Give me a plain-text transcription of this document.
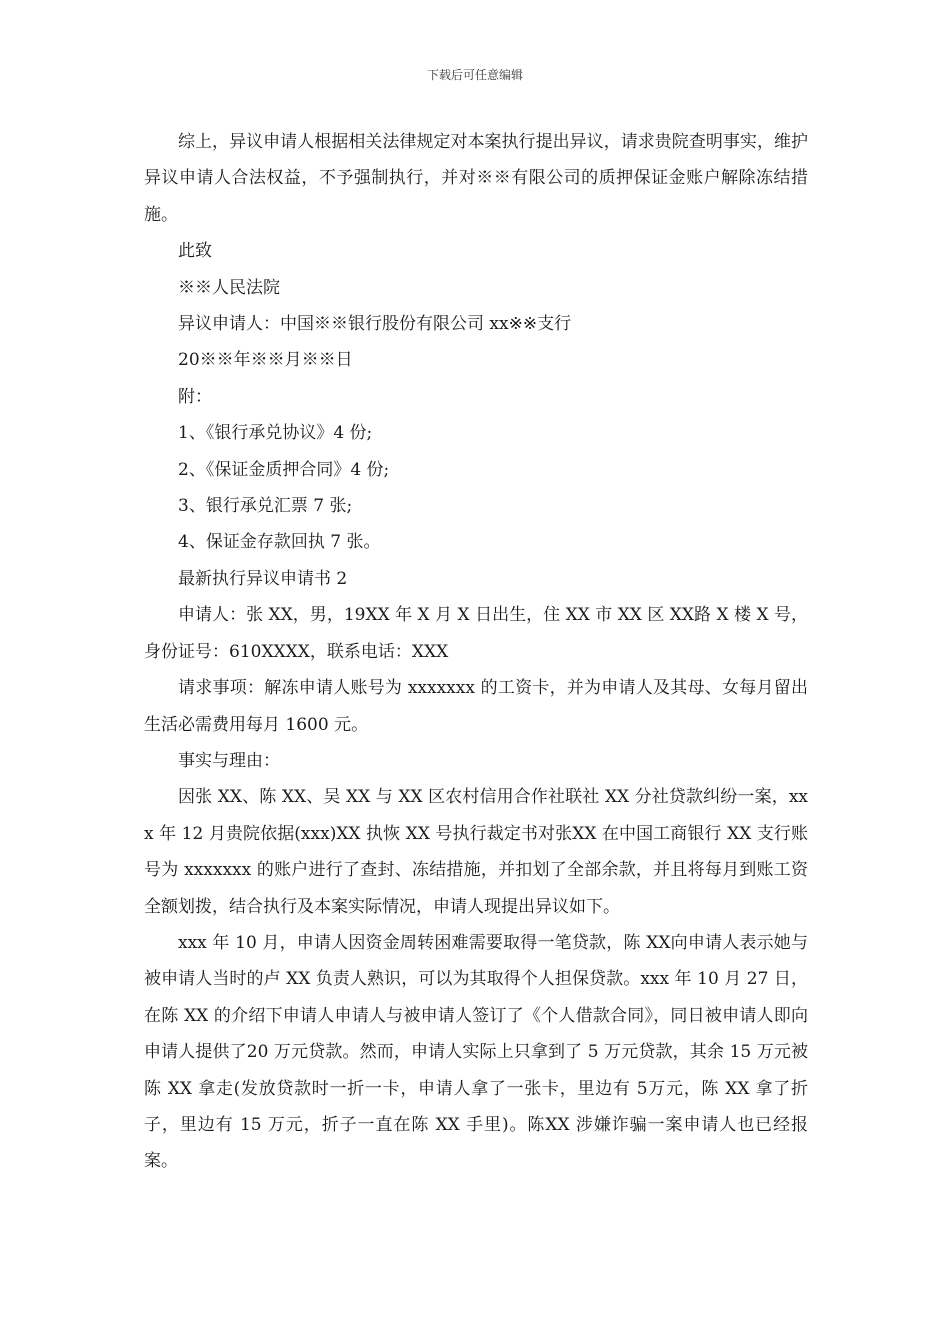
下载后可任意编辑

综上，异议申请人根据相关法律规定对本案执行提出异议，请求贵院查明事实，维护异议申请人合法权益，不予强制执行，并对※※有限公司的质押保证金账户解除冻结措施。

此致

※※人民法院

异议申请人：中国※※银行股份有限公司 xx※※支行

20※※年※※月※※日

附：

1、《银行承兑协议》4 份;

2、《保证金质押合同》4 份;

3、银行承兑汇票 7 张;

4、保证金存款回执 7 张。

最新执行异议申请书 2

申请人：张 XX，男，19XX 年 X 月 X 日出生，住 XX 市 XX 区 XX路 X 楼 X 号，身份证号：610XXXX，联系电话：XXX

请求事项：解冻申请人账号为 xxxxxxx 的工资卡，并为申请人及其母、女每月留出生活必需费用每月 1600 元。

事实与理由：

因张 XX、陈 XX、吴 XX 与 XX 区农村信用合作社联社 XX 分社贷款纠纷一案，xxx 年 12 月贵院依据(xxx)XX 执恢 XX 号执行裁定书对张XX 在中国工商银行 XX 支行账号为 xxxxxxx 的账户进行了查封、冻结措施，并扣划了全部余款，并且将每月到账工资全额划拨，结合执行及本案实际情况，申请人现提出异议如下。

xxx 年 10 月，申请人因资金周转困难需要取得一笔贷款，陈 XX向申请人表示她与被申请人当时的卢 XX 负责人熟识，可以为其取得个人担保贷款。xxx 年 10 月 27 日，在陈 XX 的介绍下申请人申请人与被申请人签订了《个人借款合同》，同日被申请人即向申请人提供了20 万元贷款。然而，申请人实际上只拿到了 5 万元贷款，其余 15 万元被陈 XX 拿走(发放贷款时一折一卡，申请人拿了一张卡，里边有 5万元，陈 XX 拿了折子，里边有 15 万元，折子一直在陈 XX 手里)。陈XX 涉嫌诈骗一案申请人也已经报案。
